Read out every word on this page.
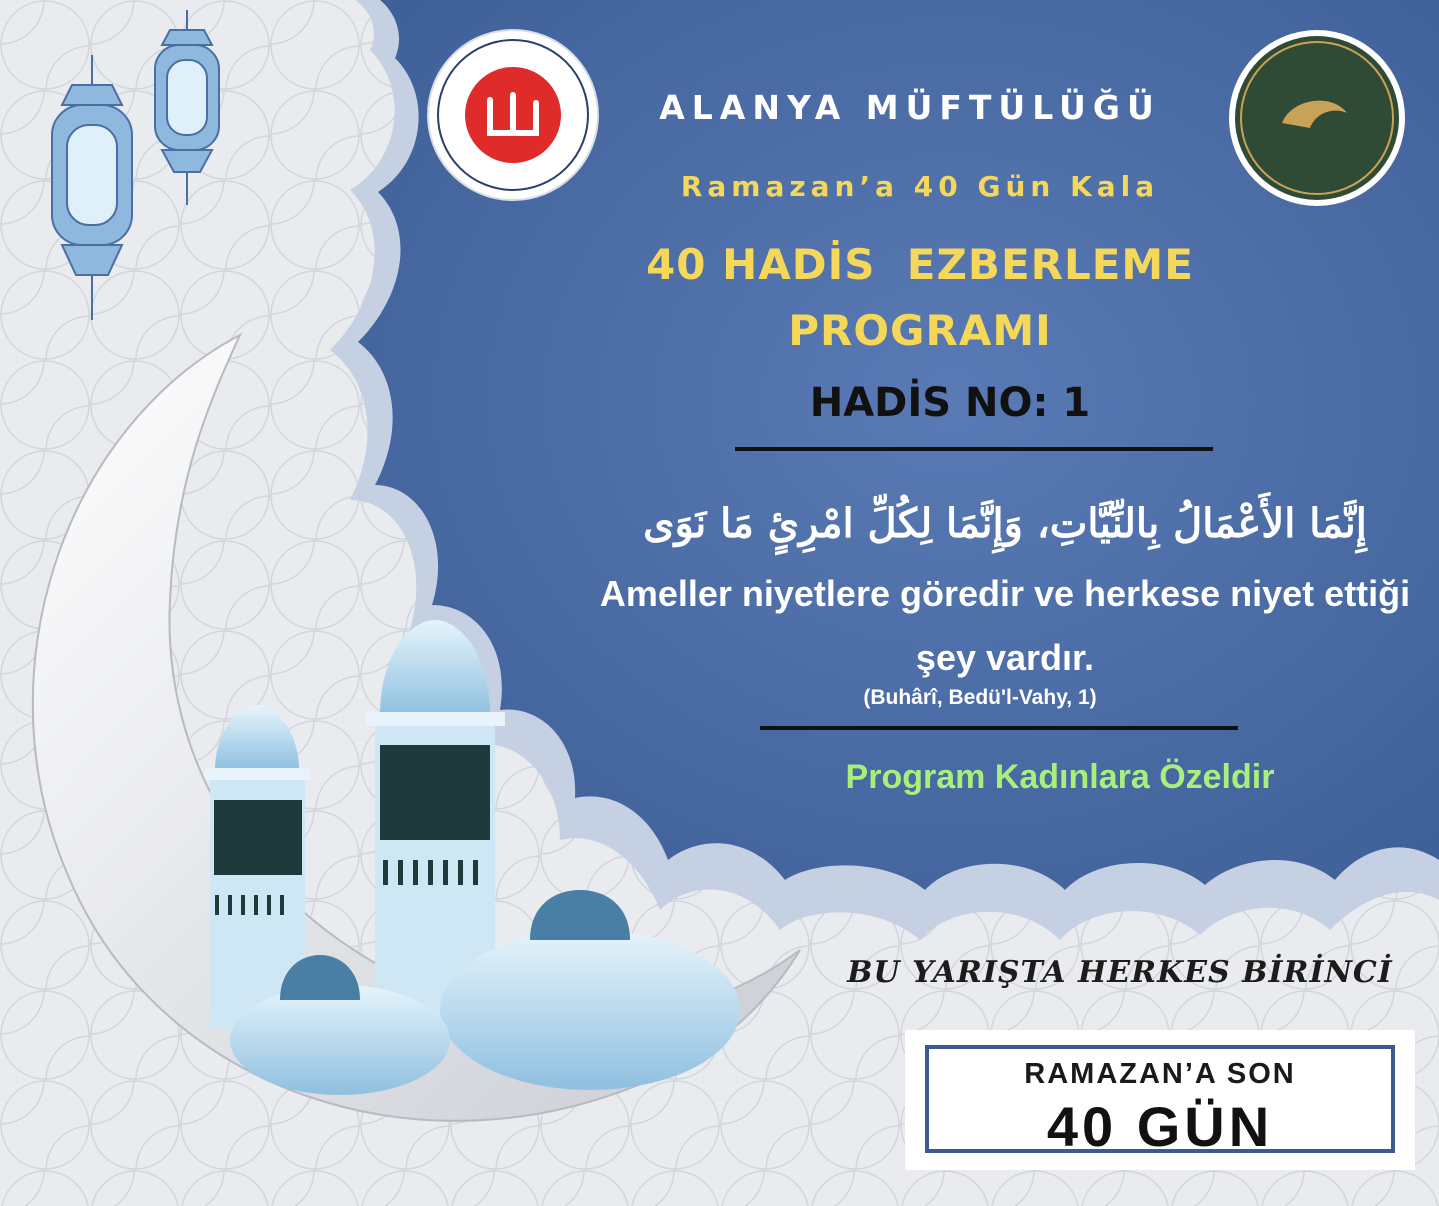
ALANYA MÜFTÜLÜĞÜ
Ramazan’a 40 Gün Kala
40 HADİS  EZBERLEME
PROGRAMI
HADİS NO: 1
إِنَّمَا الأَعْمَالُ بِالنِّيَّاتِ، وَإِنَّمَا لِكُلِّ امْرِئٍ مَا نَوَى
Ameller niyetlere göredir ve herkese niyet ettiği şey vardır.
(Buhârî, Bedü'l-Vahy, 1)
Program Kadınlara Özeldir
BU YARIŞTA HERKES BİRİNCİ
RAMAZAN’A SON
40 GÜN
